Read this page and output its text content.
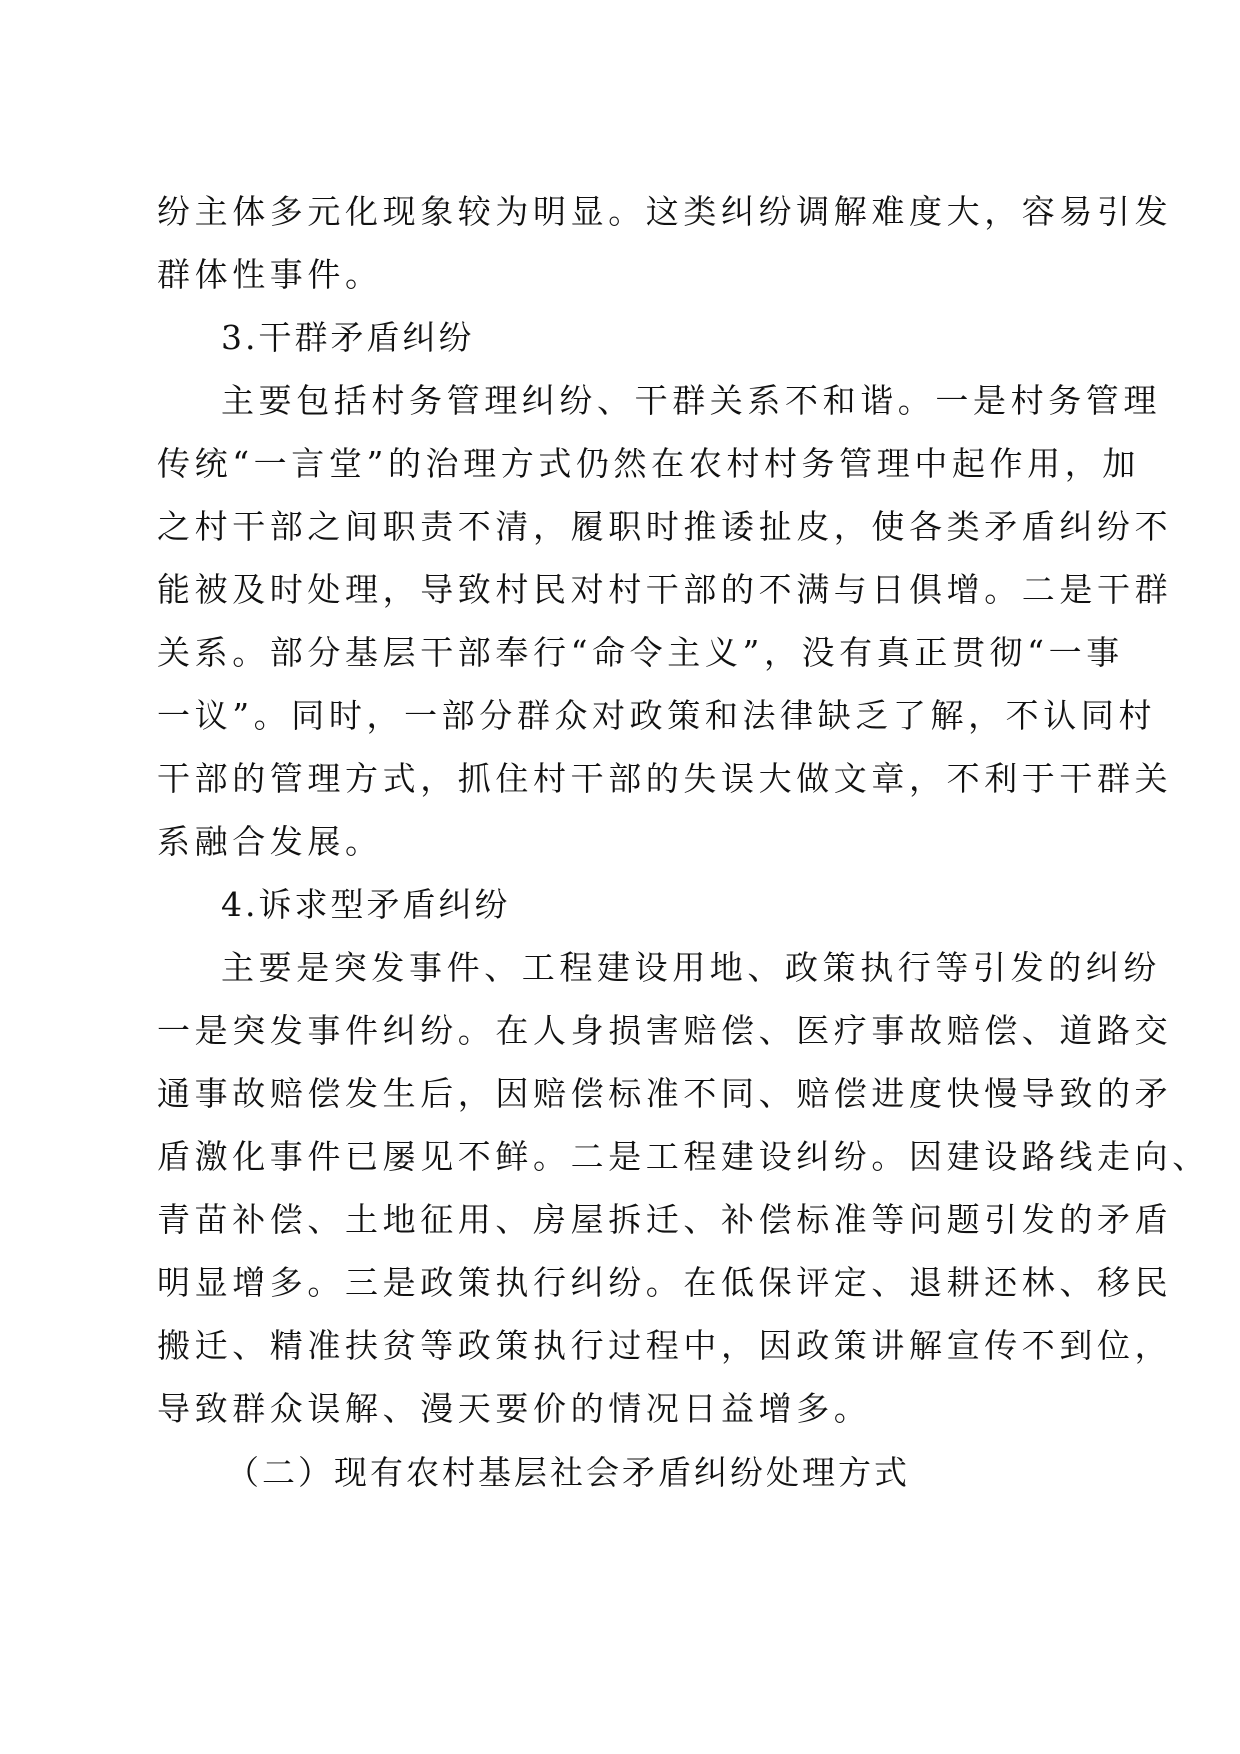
纷主体多元化现象较为明显。这类纠纷调解难度大，容易引发
群体性事件。
3.干群矛盾纠纷
主要包括村务管理纠纷、干群关系不和谐。一是村务管理
传统“一言堂”的治理方式仍然在农村村务管理中起作用，加
之村干部之间职责不清，履职时推诿扯皮，使各类矛盾纠纷不
能被及时处理，导致村民对村干部的不满与日俱增。二是干群
关系。部分基层干部奉行“命令主义”，没有真正贯彻“一事
一议”。同时，一部分群众对政策和法律缺乏了解，不认同村
干部的管理方式，抓住村干部的失误大做文章，不利于干群关
系融合发展。
4.诉求型矛盾纠纷
主要是突发事件、工程建设用地、政策执行等引发的纠纷
一是突发事件纠纷。在人身损害赔偿、医疗事故赔偿、道路交
通事故赔偿发生后，因赔偿标准不同、赔偿进度快慢导致的矛
盾激化事件已屡见不鲜。二是工程建设纠纷。因建设路线走向、
青苗补偿、土地征用、房屋拆迁、补偿标准等问题引发的矛盾
明显增多。三是政策执行纠纷。在低保评定、退耕还林、移民
搬迁、精准扶贫等政策执行过程中，因政策讲解宣传不到位，
导致群众误解、漫天要价的情况日益增多。
（二）现有农村基层社会矛盾纠纷处理方式
